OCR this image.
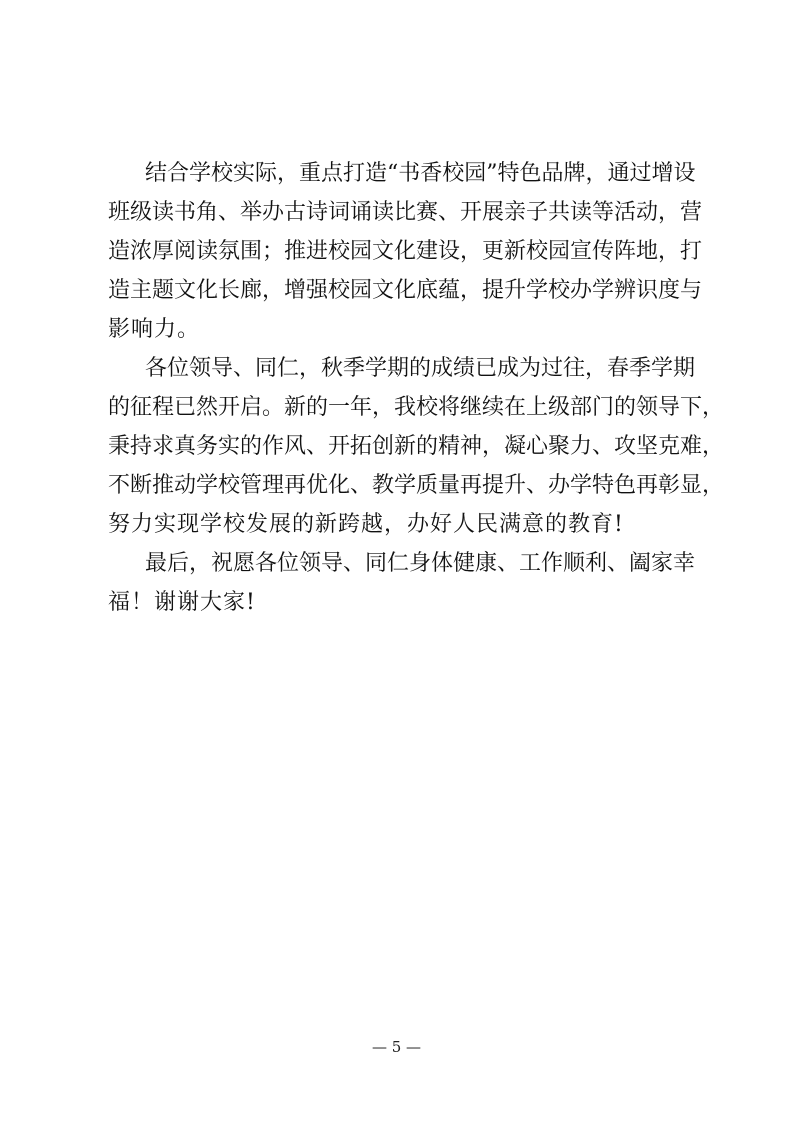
结合学校实际，重点打造“书香校园”特色品牌，通过增设
班级读书角、举办古诗词诵读比赛、开展亲子共读等活动，营
造浓厚阅读氛围；推进校园文化建设，更新校园宣传阵地，打
造主题文化长廊，增强校园文化底蕴，提升学校办学辨识度与
影响力。
各位领导、同仁，秋季学期的成绩已成为过往，春季学期
的征程已然开启。新的一年，我校将继续在上级部门的领导下，
秉持求真务实的作风、开拓创新的精神，凝心聚力、攻坚克难，
不断推动学校管理再优化、教学质量再提升、办学特色再彰显，
努力实现学校发展的新跨越，办好人民满意的教育!
最后，祝愿各位领导、同仁身体健康、工作顺利、阖家幸
福！谢谢大家!
— 5 —
